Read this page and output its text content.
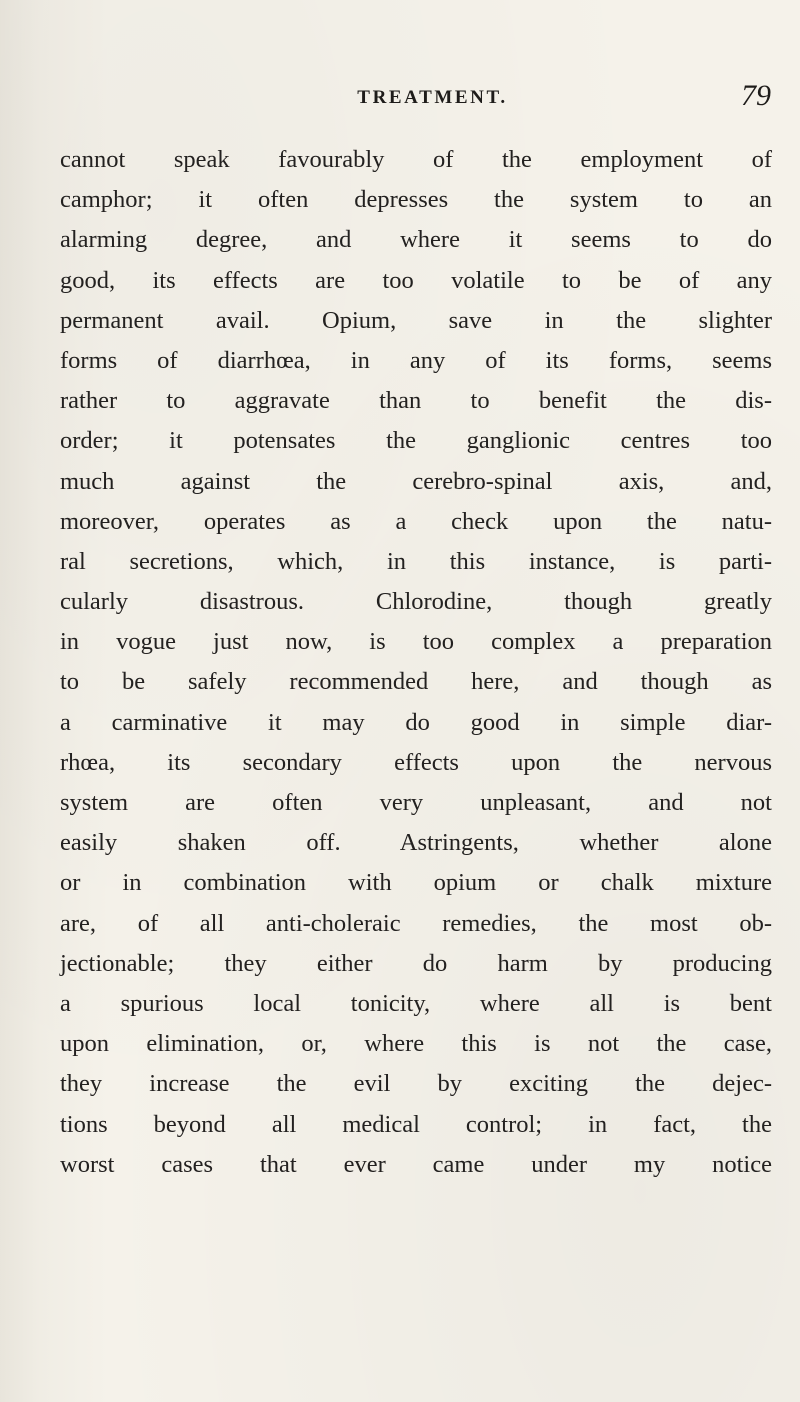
TREATMENT.	79
cannot speak favourably of the employment of
camphor; it often depresses the system to an
alarming degree, and where it seems to do
good, its effects are too volatile to be of any
permanent avail. Opium, save in the slighter
forms of diarrhœa, in any of its forms, seems
rather to aggravate than to benefit the dis-
order; it potensates the ganglionic centres too
much against the cerebro-spinal axis, and,
moreover, operates as a check upon the natu-
ral secretions, which, in this instance, is parti-
cularly disastrous. Chlorodine, though greatly
in vogue just now, is too complex a preparation
to be safely recommended here, and though as
a carminative it may do good in simple diar-
rhœa, its secondary effects upon the nervous
system are often very unpleasant, and not
easily shaken off. Astringents, whether alone
or in combination with opium or chalk mixture
are, of all anti-choleraic remedies, the most ob-
jectionable; they either do harm by producing
a spurious local tonicity, where all is bent
upon elimination, or, where this is not the case,
they increase the evil by exciting the dejec-
tions beyond all medical control; in fact, the
worst cases that ever came under my notice
